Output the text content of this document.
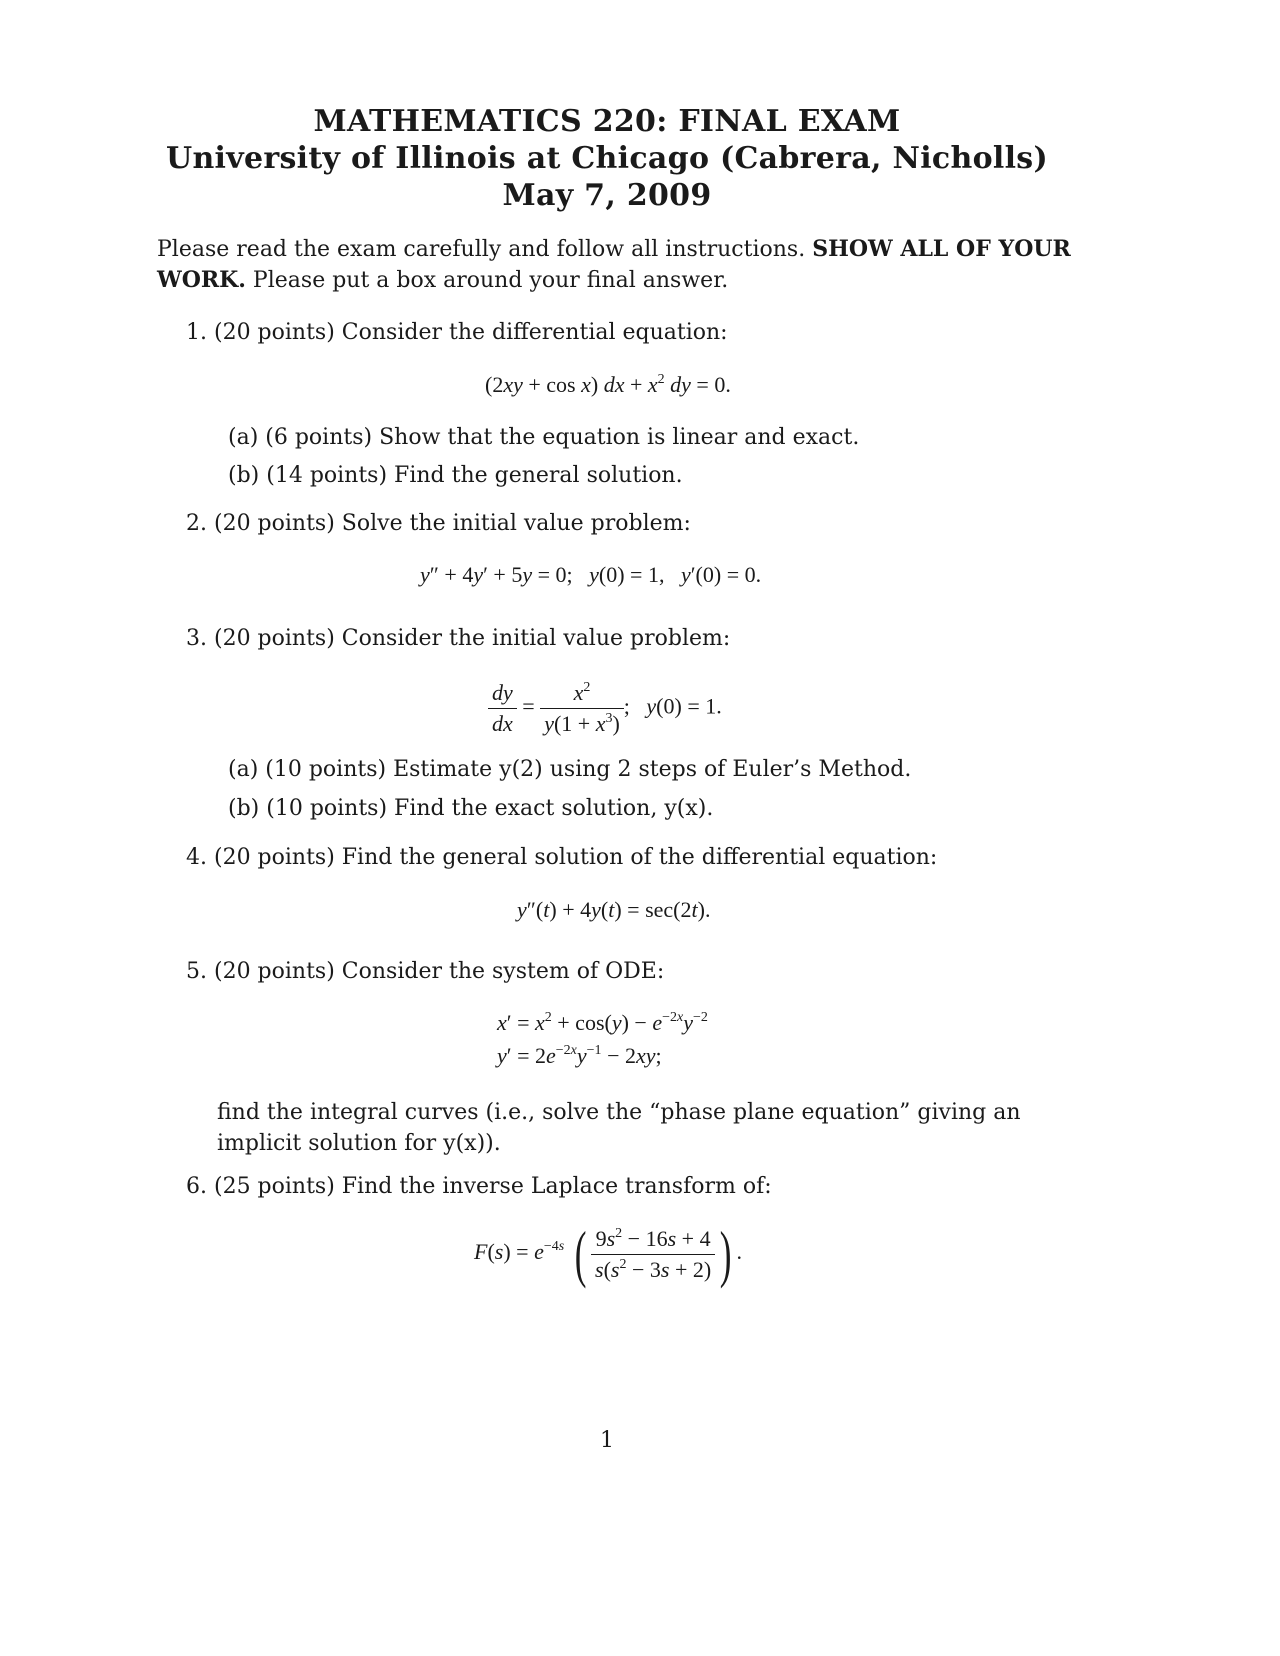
MATHEMATICS 220: FINAL EXAM
University of Illinois at Chicago (Cabrera, Nicholls)
May 7, 2009
Please read the exam carefully and follow all instructions. SHOW ALL OF YOUR WORK. Please put a box around your final answer.
1. (20 points) Consider the differential equation:
(2xy + cos x) dx + $x^2$ dy = 0.
(a) (6 points) Show that the equation is linear and exact.
(b) (14 points) Find the general solution.
2. (20 points) Solve the initial value problem:
y″ + 4y′ + 5y = 0;   y(0) = 1,   y′(0) = 0.
3. (20 points) Consider the initial value problem:
$\frac{dy}{dx} = \frac{x^2}{y(1 + x^3)}$ ;   y(0) = 1.
(a) (10 points) Estimate y(2) using 2 steps of Euler’s Method.
(b) (10 points) Find the exact solution, y(x).
4. (20 points) Find the general solution of the differential equation:
y″(t) + 4y(t) = sec(2t).
5. (20 points) Consider the system of ODE:
$x' = x^2 + \cos(y) - e^{-2x}y^{-2}$
$y' = 2e^{-2x}y^{-1} - 2xy$;
find the integral curves (i.e., solve the “phase plane equation” giving an implicit solution for y(x)).
6. (25 points) Find the inverse Laplace transform of:
$F(s) = e^{-4s}$ ( $\frac{9s^2 - 16s + 4}{s(s^2 - 3s + 2)}$ ) .
1
